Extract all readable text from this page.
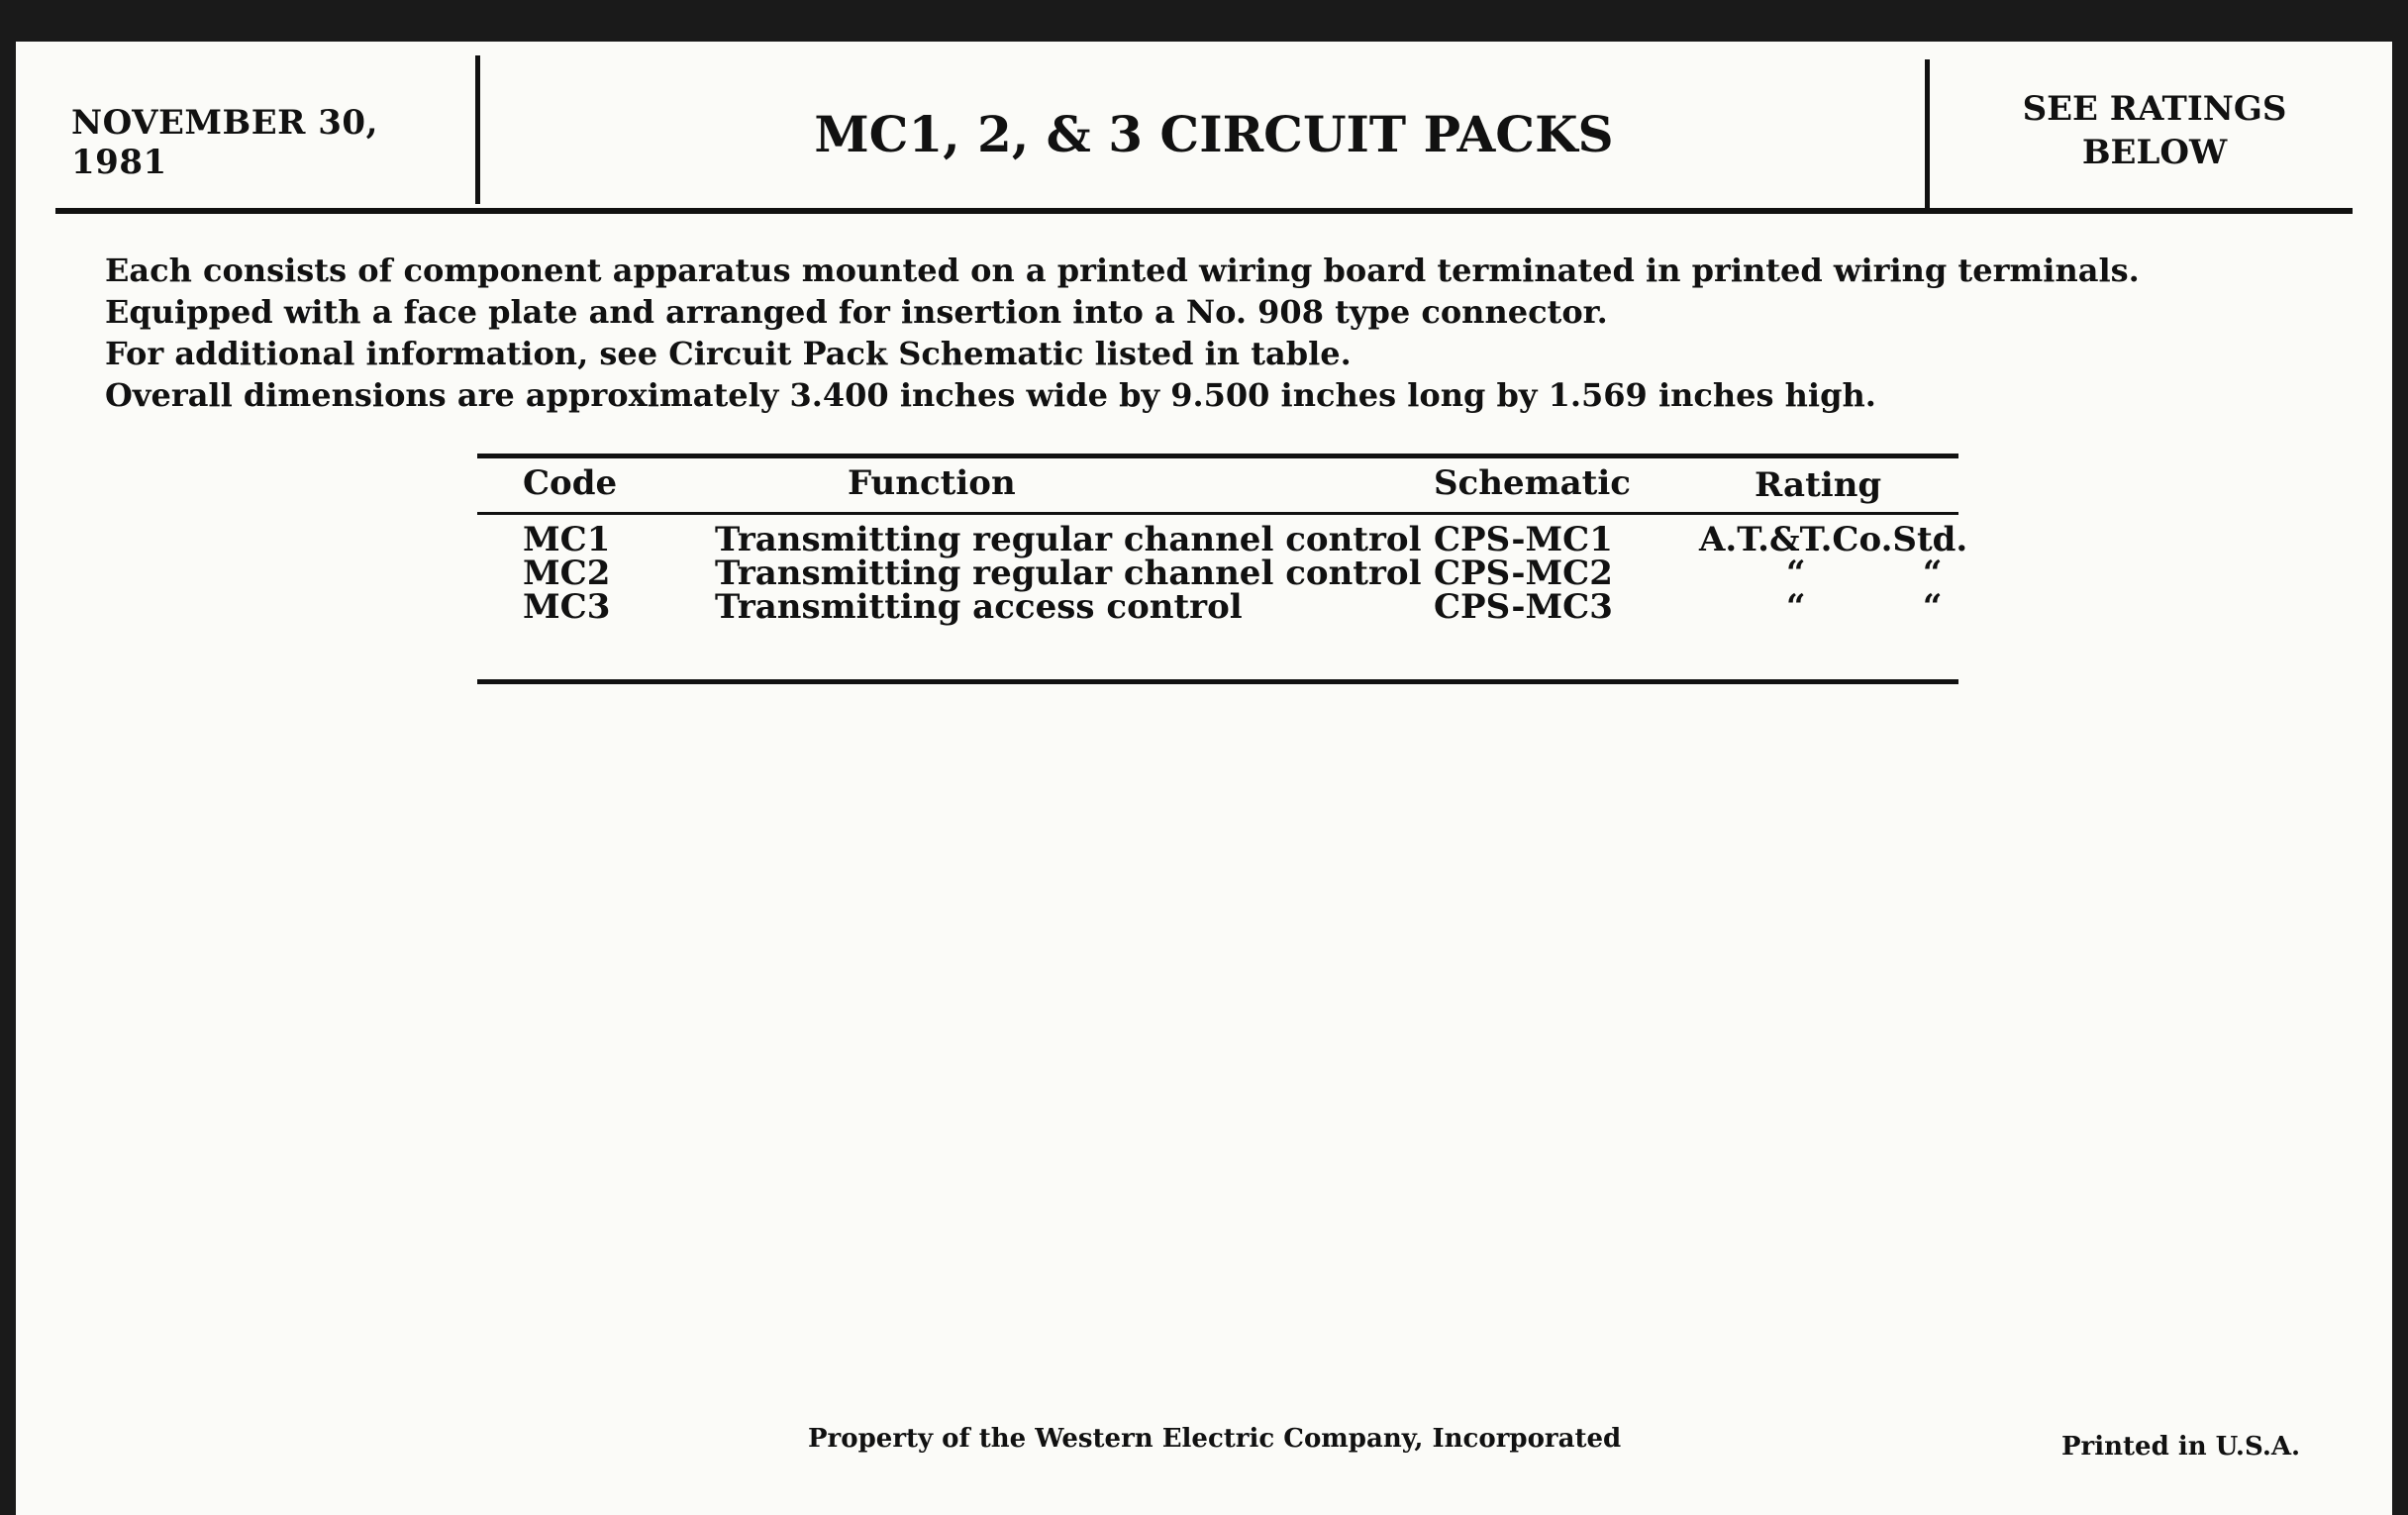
NOVEMBER 30, 1981	MC1, 2, & 3 CIRCUIT PACKS	SEE RATINGS
BELOW

Each consists of component apparatus mounted on a printed wiring board terminated in printed wiring terminals.

Equipped with a face plate and arranged for insertion into a No. 908 type connector.

For additional information, see Circuit Pack Schematic listed in table.

Overall dimensions are approximately 3.400 inches wide by 9.500 inches long by 1.569 inches high.

Code	Function	Schematic	Rating
MC1	Transmitting regular channel control CPS-MC1	A.T.&T.Co.Std.
MC2	Transmitting regular channel control CPS-MC2	“          “
MC3	Transmitting access control	CPS-MC3	“          “
Property of the Western Electric Company, Incorporated	Printed in U.S.A.
